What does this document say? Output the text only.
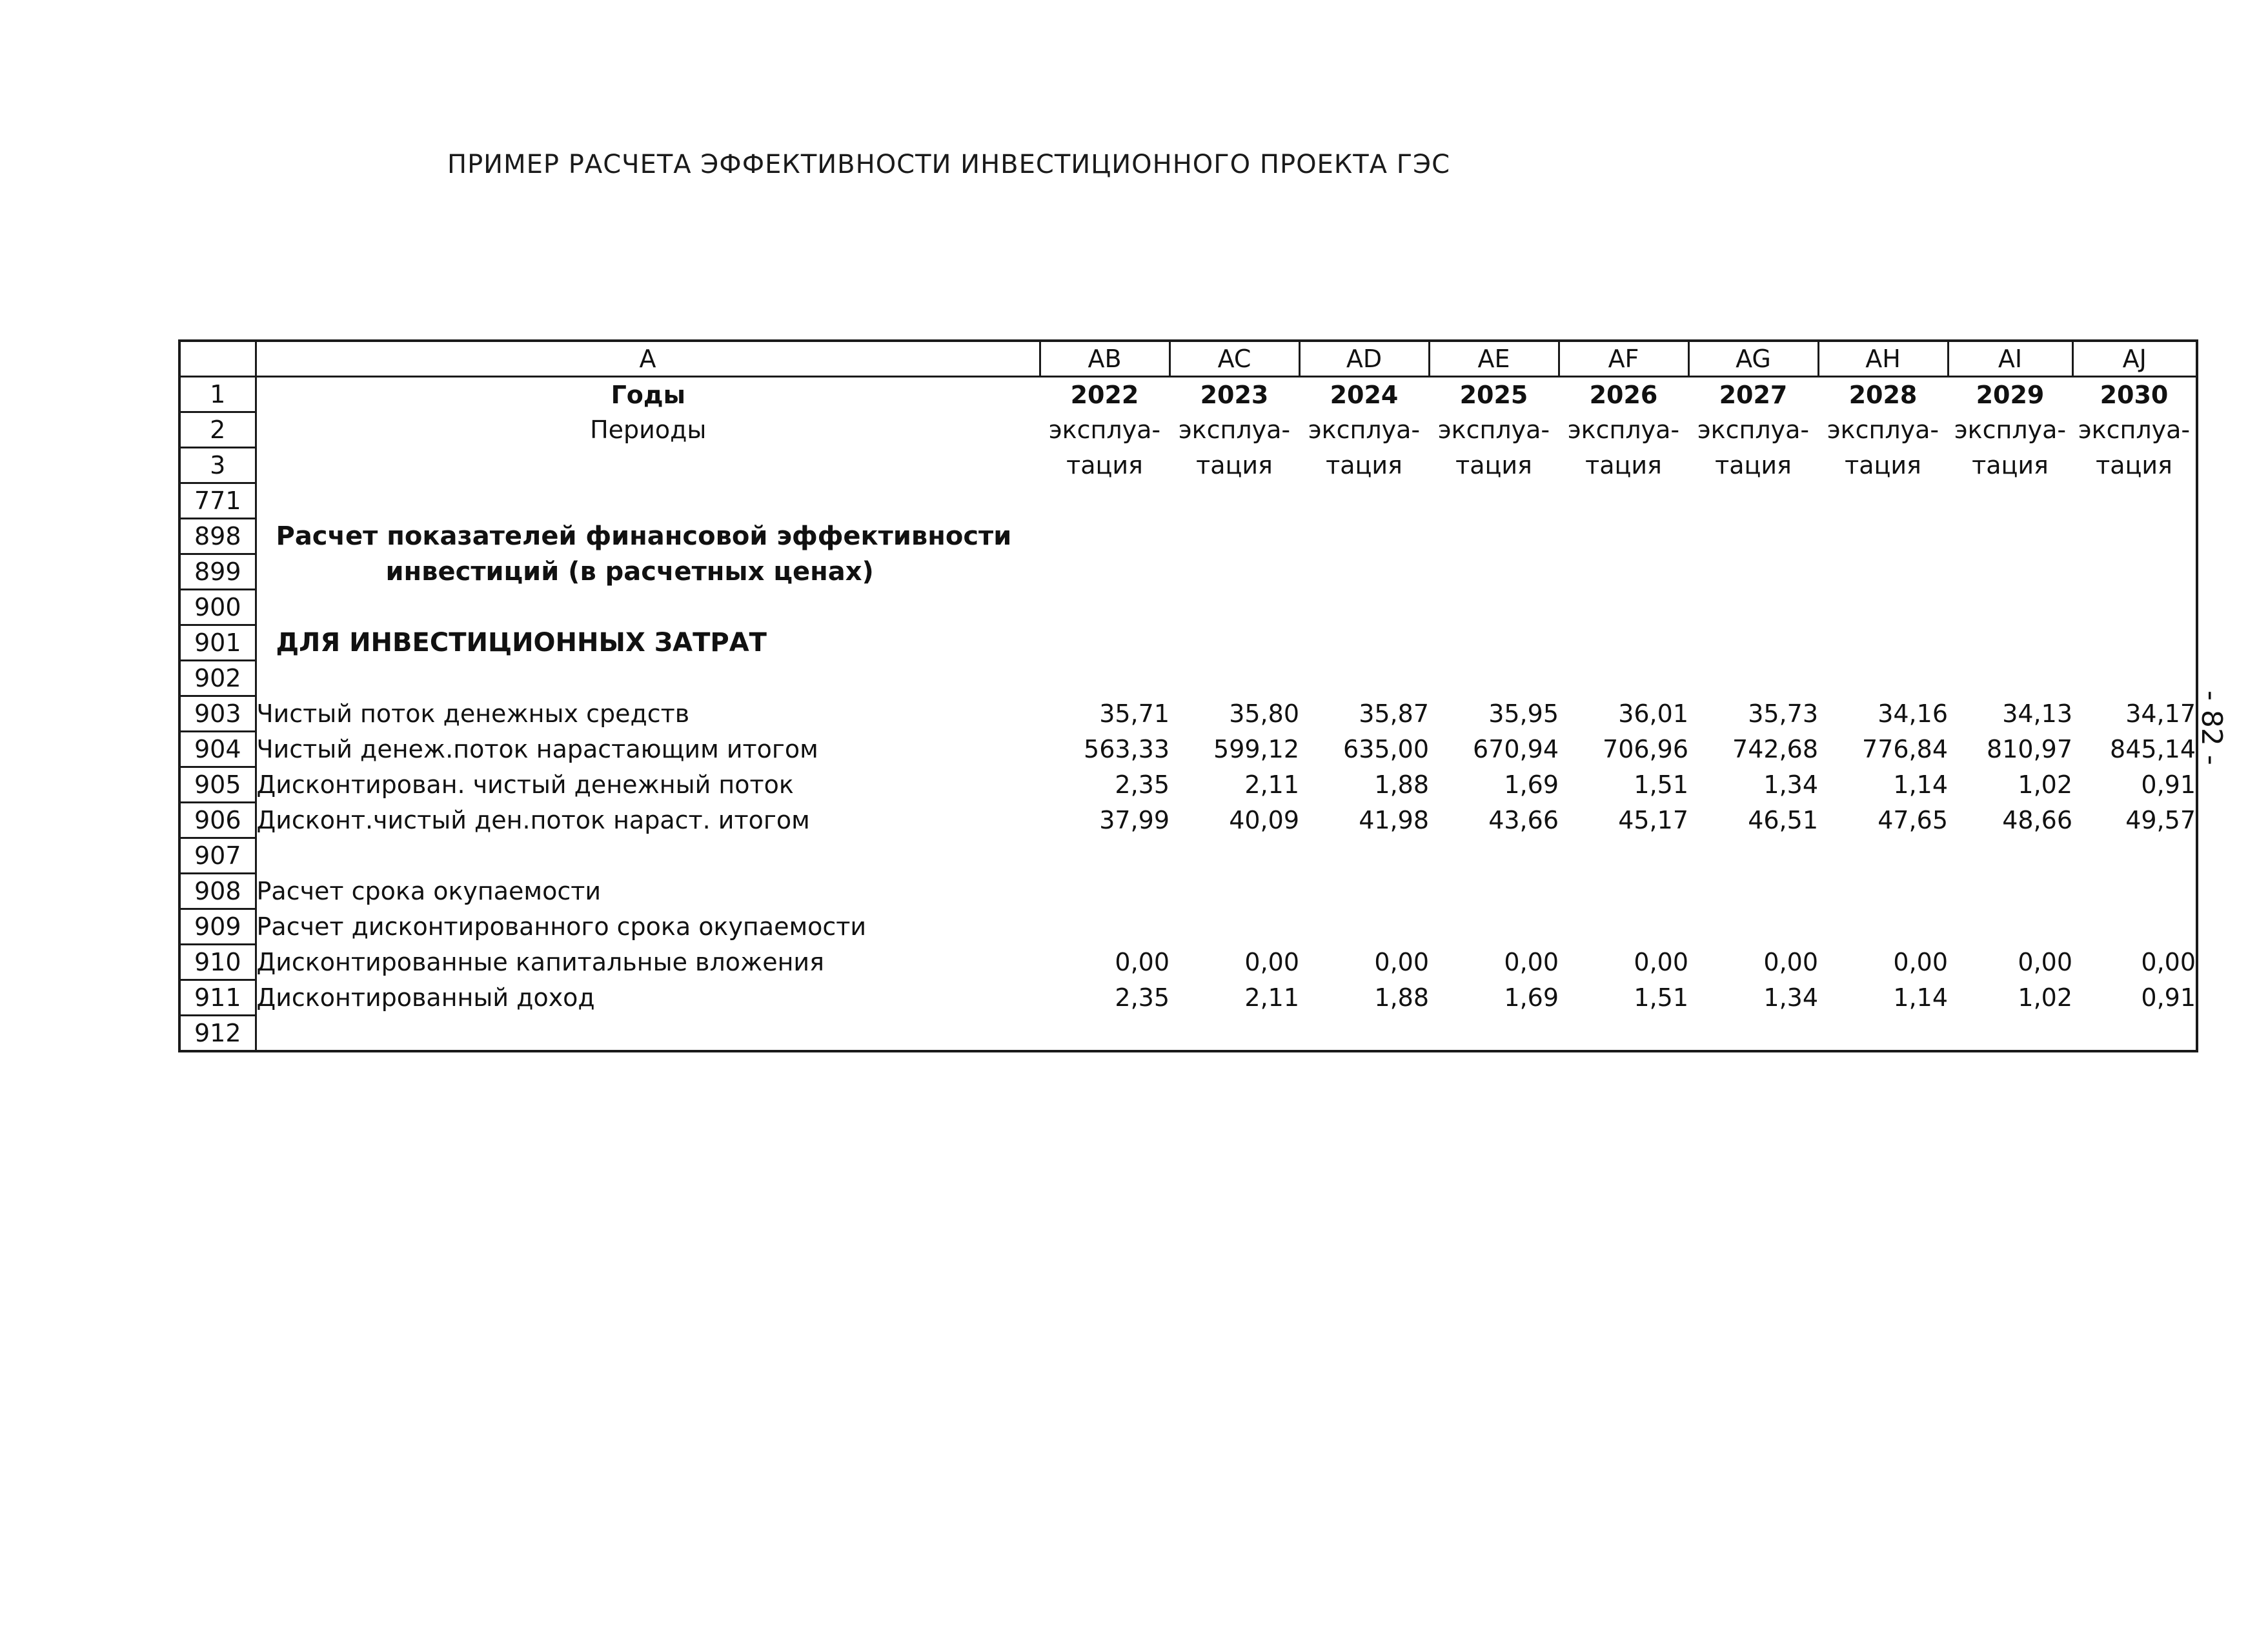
ПРИМЕР РАСЧЕТА ЭФФЕКТИВНОСТИ ИНВЕСТИЦИОННОГО ПРОЕКТА ГЭС
- 82 -
	A	AB	AC	AD	AE	AF	AG	AH	AI	AJ
1	Годы	2022	2023	2024	2025	2026	2027	2028	2029	2030
2	Периоды	эксплуа-	эксплуа-	эксплуа-	эксплуа-	эксплуа-	эксплуа-	эксплуа-	эксплуа-	эксплуа-
3		тация	тация	тация	тация	тация	тация	тация	тация	тация
771										
898	Расчет показателей финансовой эффективности									
899	инвестиций (в расчетных ценах)									
900										
901	ДЛЯ ИНВЕСТИЦИОННЫХ ЗАТРАТ									
902										
903	Чистый поток денежных средств	35,71	35,80	35,87	35,95	36,01	35,73	34,16	34,13	34,17
904	Чистый денеж.поток нарастающим итогом	563,33	599,12	635,00	670,94	706,96	742,68	776,84	810,97	845,14
905	Дисконтирован. чистый денежный поток	2,35	2,11	1,88	1,69	1,51	1,34	1,14	1,02	0,91
906	Дисконт.чистый ден.поток нараст. итогом	37,99	40,09	41,98	43,66	45,17	46,51	47,65	48,66	49,57
907										
908	Расчет срока окупаемости									
909	Расчет дисконтированного срока окупаемости									
910	Дисконтированные капитальные вложения	0,00	0,00	0,00	0,00	0,00	0,00	0,00	0,00	0,00
911	Дисконтированный доход	2,35	2,11	1,88	1,69	1,51	1,34	1,14	1,02	0,91
912										
